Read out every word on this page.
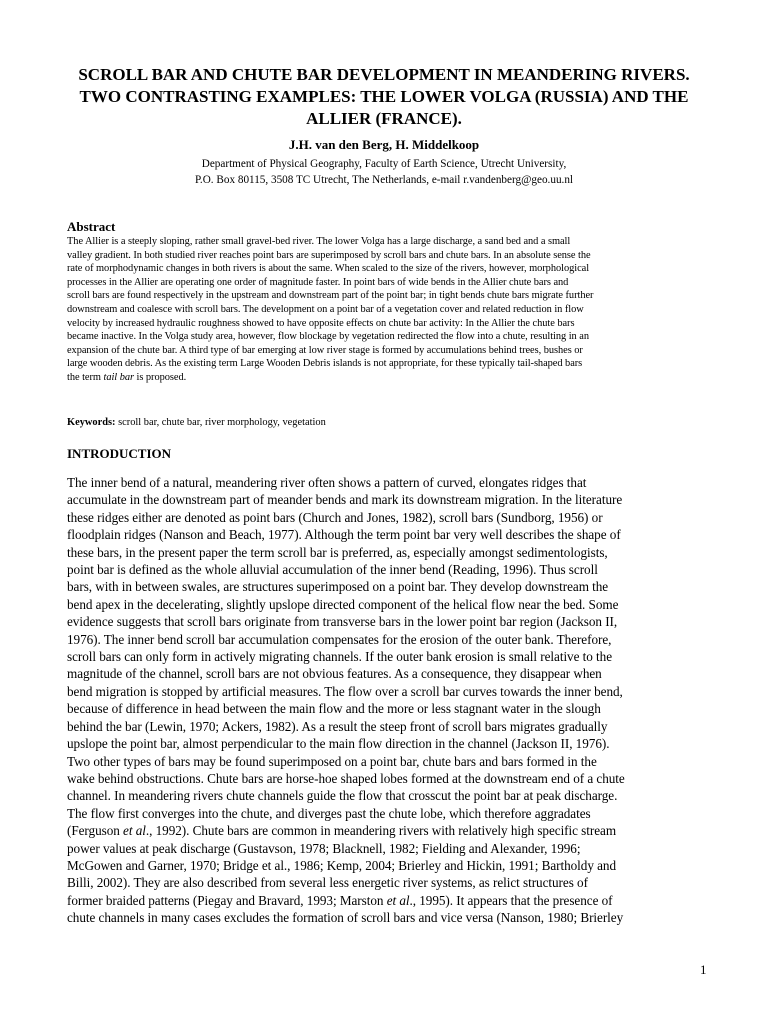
SCROLL BAR AND CHUTE BAR DEVELOPMENT IN MEANDERING RIVERS.
TWO CONTRASTING EXAMPLES: THE LOWER VOLGA (RUSSIA) AND THE
ALLIER (FRANCE).

J.H. van den Berg, H. Middelkoop

Department of Physical Geography, Faculty of Earth Science, Utrecht University,
P.O. Box 80115, 3508 TC Utrecht, The Netherlands, e-mail r.vandenberg@geo.uu.nl

Abstract
The Allier is a steeply sloping, rather small gravel-bed river. The lower Volga has a large discharge, a sand bed and a small
valley gradient. In both studied river reaches point bars are superimposed by scroll bars and chute bars. In an absolute sense the
rate of morphodynamic changes in both rivers is about the same. When scaled to the size of the rivers, however, morphological
processes in the Allier are operating one order of magnitude faster. In point bars of wide bends in the Allier chute bars and
scroll bars are found respectively in the upstream and downstream part of the point bar; in tight bends chute bars migrate further
downstream and coalesce with scroll bars. The development on a point bar of a vegetation cover and related reduction in flow
velocity by increased hydraulic roughness showed to have opposite effects on chute bar activity: In the Allier the chute bars
became inactive. In the Volga study area, however, flow blockage by vegetation redirected the flow into a chute, resulting in an
expansion of the chute bar. A third type of bar emerging at low river stage is formed by accumulations behind trees, bushes or
large wooden debris. As the existing term Large Wooden Debris islands is not appropriate, for these typically tail-shaped bars
the term tail bar is proposed.

Keywords: scroll bar, chute bar, river morphology, vegetation

INTRODUCTION
The inner bend of a natural, meandering river often shows a pattern of curved, elongates ridges that
accumulate in the downstream part of meander bends and mark its downstream migration. In the literature
these ridges either are denoted as point bars (Church and Jones, 1982), scroll bars (Sundborg, 1956) or
floodplain ridges (Nanson and Beach, 1977). Although the term point bar very well describes the shape of
these bars, in the present paper the term scroll bar is preferred, as, especially amongst sedimentologists,
point bar is defined as the whole alluvial accumulation of the inner bend (Reading, 1996). Thus scroll
bars, with in between swales, are structures superimposed on a point bar. They develop downstream the
bend apex in the decelerating, slightly upslope directed component of the helical flow near the bed. Some
evidence suggests that scroll bars originate from transverse bars in the lower point bar region (Jackson II,
1976). The inner bend scroll bar accumulation compensates for the erosion of the outer bank. Therefore,
scroll bars can only form in actively migrating channels. If the outer bank erosion is small relative to the
magnitude of the channel, scroll bars are not obvious features. As a consequence, they disappear when
bend migration is stopped by artificial measures. The flow over a scroll bar curves towards the inner bend,
because of difference in head between the main flow and the more or less stagnant water in the slough
behind the bar (Lewin, 1970; Ackers, 1982). As a result the steep front of scroll bars migrates gradually
upslope the point bar, almost perpendicular to the main flow direction in the channel (Jackson II, 1976).
Two other types of bars may be found superimposed on a point bar, chute bars and bars formed in the
wake behind obstructions. Chute bars are horse-hoe shaped lobes formed at the downstream end of a chute
channel. In meandering rivers chute channels guide the flow that crosscut the point bar at peak discharge.
The flow first converges into the chute, and diverges past the chute lobe, which therefore aggradates
(Ferguson et al., 1992). Chute bars are common in meandering rivers with relatively high specific stream
power values at peak discharge (Gustavson, 1978; Blacknell, 1982; Fielding and Alexander, 1996;
McGowen and Garner, 1970; Bridge et al., 1986; Kemp, 2004; Brierley and Hickin, 1991; Bartholdy and
Billi, 2002). They are also described from several less energetic river systems, as relict structures of
former braided patterns (Piegay and Bravard, 1993; Marston et al., 1995). It appears that the presence of
chute channels in many cases excludes the formation of scroll bars and vice versa (Nanson, 1980; Brierley

1
